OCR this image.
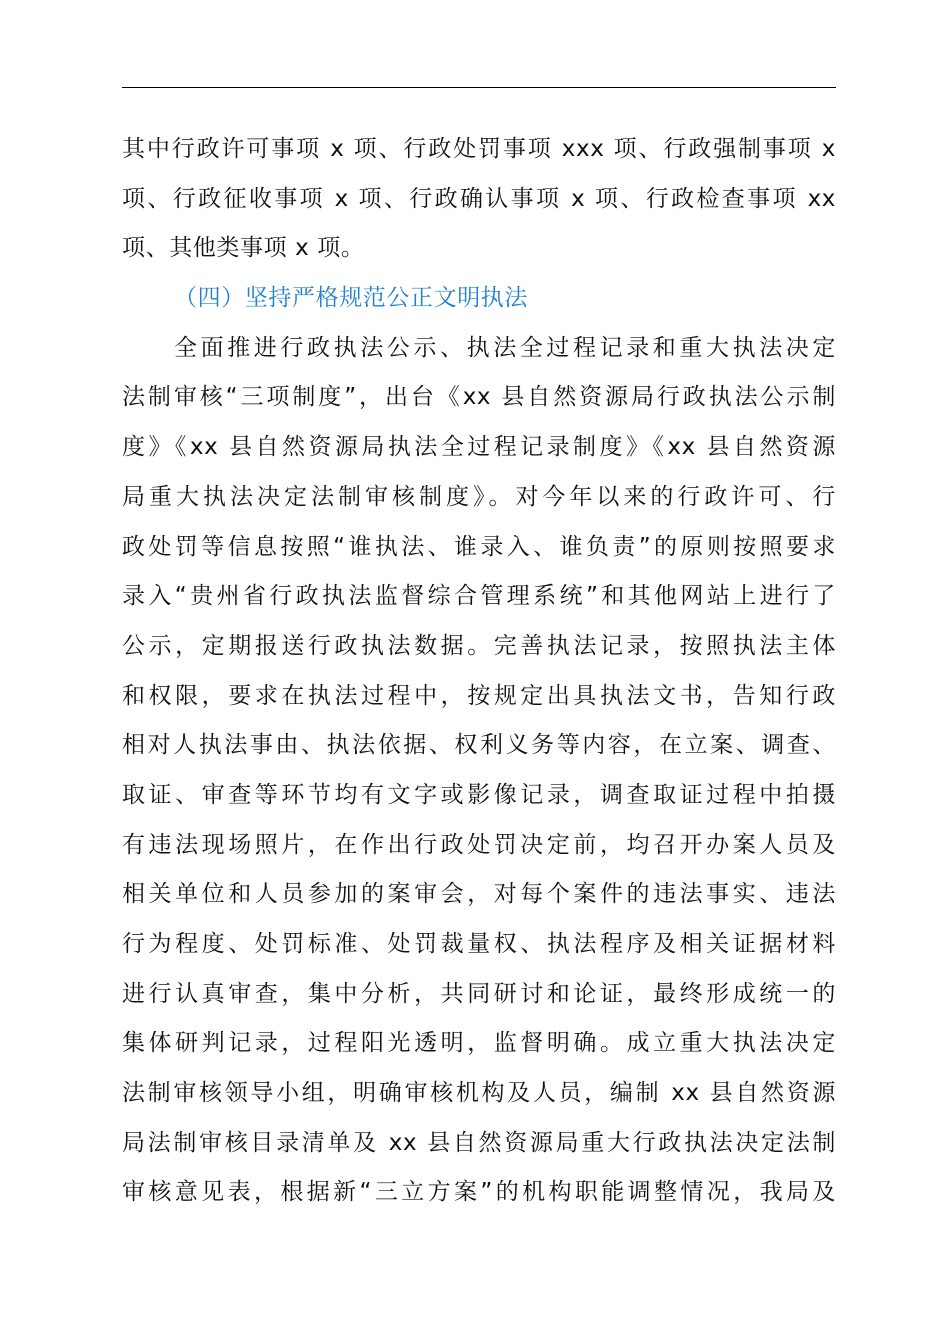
其中行政许可事项 x 项、行政处罚事项 xxx 项、行政强制事项 x
项、行政征收事项 x 项、行政确认事项 x 项、行政检查事项 xx
项、其他类事项 x 项。
（四）坚持严格规范公正文明执法
全面推进行政执法公示、执法全过程记录和重大执法决定
法制审核“三项制度”，出台《xx 县自然资源局行政执法公示制
度》《xx 县自然资源局执法全过程记录制度》《xx 县自然资源
局重大执法决定法制审核制度》。对今年以来的行政许可、行
政处罚等信息按照“谁执法、谁录入、谁负责”的原则按照要求
录入“贵州省行政执法监督综合管理系统”和其他网站上进行了
公示，定期报送行政执法数据。完善执法记录，按照执法主体
和权限，要求在执法过程中，按规定出具执法文书，告知行政
相对人执法事由、执法依据、权利义务等内容，在立案、调查、
取证、审查等环节均有文字或影像记录，调查取证过程中拍摄
有违法现场照片，在作出行政处罚决定前，均召开办案人员及
相关单位和人员参加的案审会，对每个案件的违法事实、违法
行为程度、处罚标准、处罚裁量权、执法程序及相关证据材料
进行认真审查，集中分析，共同研讨和论证，最终形成统一的
集体研判记录，过程阳光透明，监督明确。成立重大执法决定
法制审核领导小组，明确审核机构及人员，编制 xx 县自然资源
局法制审核目录清单及 xx 县自然资源局重大行政执法决定法制
审核意见表，根据新“三立方案”的机构职能调整情况，我局及
